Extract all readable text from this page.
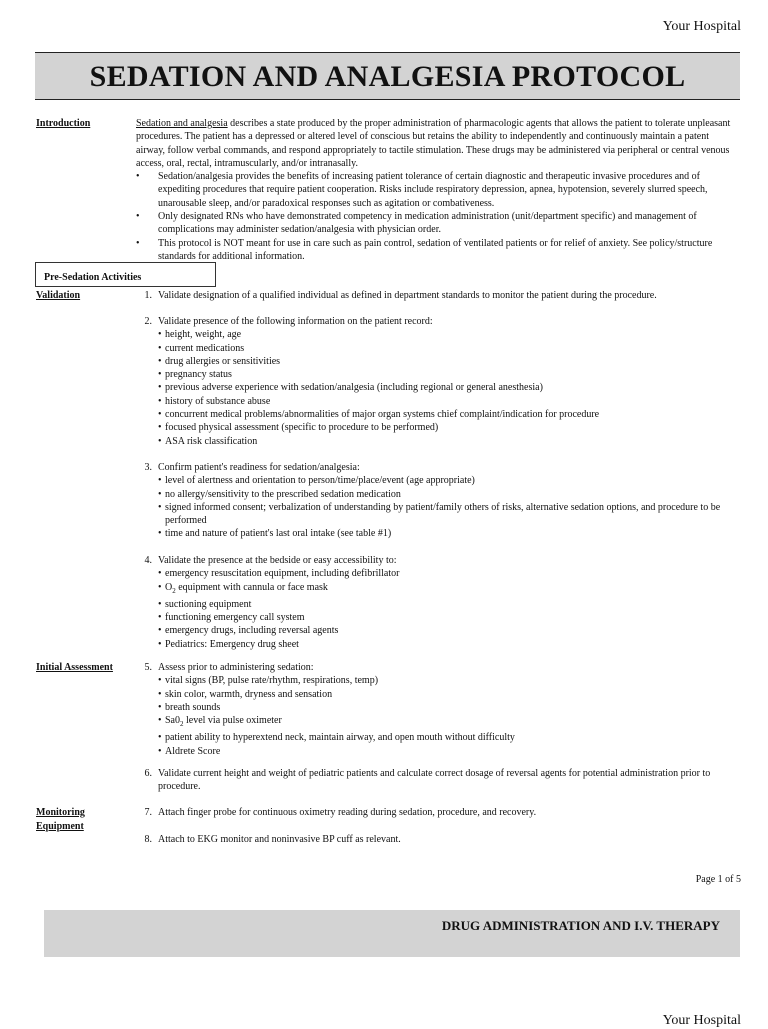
Your Hospital
SEDATION AND ANALGESIA PROTOCOL
Introduction	Sedation and analgesia describes a state produced by the proper administration of pharmacologic agents that allows the patient to tolerate unpleasant procedures. The patient has a depressed or altered level of conscious but retains the ability to independently and continuously maintain a patent airway, follow verbal commands, and respond appropriately to tactile stimulation. These drugs may be administered via peripheral or central venous access, oral, rectal, intramuscularly, and/or intranasally.
• Sedation/analgesia provides the benefits of increasing patient tolerance of certain diagnostic and therapeutic invasive procedures and of expediting procedures that require patient cooperation. Risks include respiratory depression, apnea, hypotension, severely slurred speech, unarousable sleep, and/or paradoxical responses such as agitation or combativeness.
• Only designated RNs who have demonstrated competency in medication administration (unit/department specific) and management of complications may administer sedation/analgesia with physician order.
• This protocol is NOT meant for use in care such as pain control, sedation of ventilated patients or for relief of anxiety. See policy/structure standards for additional information.
Pre-Sedation Activities
Validation
Initial Assessment
Monitoring
Equipment
1. Validate designation of a qualified individual as defined in department standards to monitor the patient during the procedure.
2. Validate presence of the following information on the patient record:
• height, weight, age
• current medications
• drug allergies or sensitivities
• pregnancy status
• previous adverse experience with sedation/analgesia (including regional or general anesthesia)
• history of substance abuse
• concurrent medical problems/abnormalities of major organ systems chief complaint/indication for procedure
• focused physical assessment (specific to procedure to be performed)
• ASA risk classification
3. Confirm patient's readiness for sedation/analgesia:
• level of alertness and orientation to person/time/place/event (age appropriate)
• no allergy/sensitivity to the prescribed sedation medication
• signed informed consent; verbalization of understanding by patient/family others of risks, alternative sedation options, and procedure to be performed
• time and nature of patient's last oral intake (see table #1)
4. Validate the presence at the bedside or easy accessibility to:
• emergency resuscitation equipment, including defibrillator
• $O_2$ equipment with cannula or face mask
• suctioning equipment
• functioning emergency call system
• emergency drugs, including reversal agents
• Pediatrics: Emergency drug sheet
5. Assess prior to administering sedation:
• vital signs (BP, pulse rate/rhythm, respirations, temp)
• skin color, warmth, dryness and sensation
• breath sounds
• $Sa0_2$ level via pulse oximeter
• patient ability to hyperextend neck, maintain airway, and open mouth without difficulty
• Aldrete Score
6. Validate current height and weight of pediatric patients and calculate correct dosage of reversal agents for potential administration prior to procedure.
7. Attach finger probe for continuous oximetry reading during sedation, procedure, and recovery.
8. Attach to EKG monitor and noninvasive BP cuff as relevant.
Page 1 of 5
DRUG ADMINISTRATION AND I.V. THERAPY
Your Hospital
